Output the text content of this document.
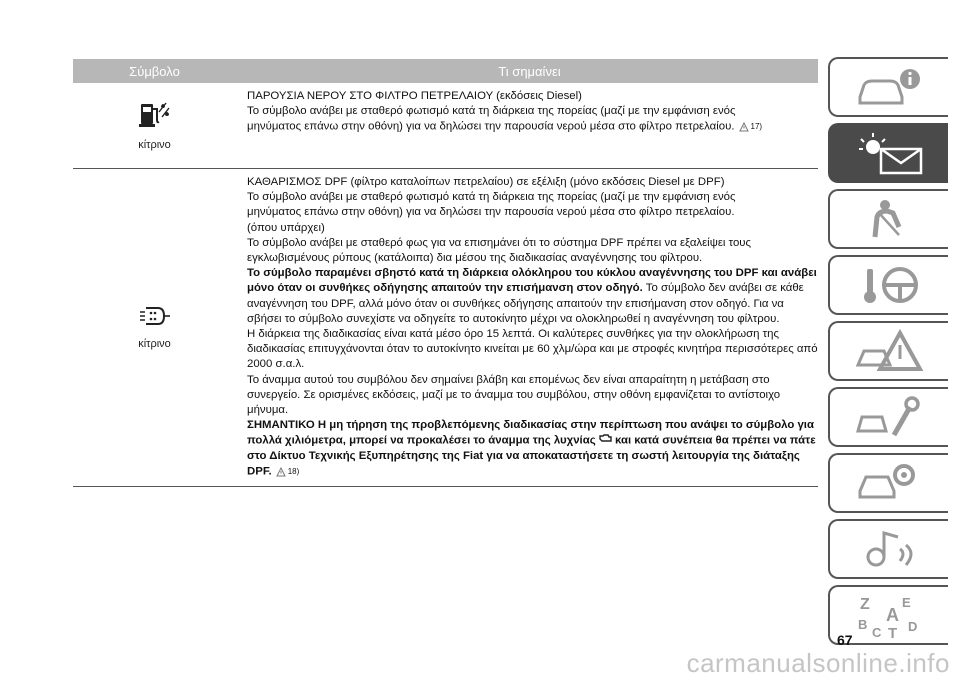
Σύμβολο	Τι σημαίνει
κίτρινο

ΠΑΡΟΥΣΙΑ ΝΕΡΟΥ ΣΤΟ ΦΙΛΤΡΟ ΠΕΤΡΕΛΑΙΟΥ (εκδόσεις Diesel)

Το σύμβολο ανάβει με σταθερό φωτισμό κατά τη διάρκεια της πορείας (μαζί με την εμφάνιση ενός

μηνύματος επάνω στην οθόνη) για να δηλώσει την παρουσία νερού μέσα στο φίλτρο πετρελαίου. 17)

κίτρινο

ΚΑΘΑΡΙΣΜΟΣ DPF (φίλτρο καταλοίπων πετρελαίου) σε εξέλιξη (μόνο εκδόσεις Diesel με DPF)

Το σύμβολο ανάβει με σταθερό φωτισμό κατά τη διάρκεια της πορείας (μαζί με την εμφάνιση ενός

μηνύματος επάνω στην οθόνη) για να δηλώσει την παρουσία νερού μέσα στο φίλτρο πετρελαίου.

(όπου υπάρχει)

Το σύμβολο ανάβει με σταθερό φως για να επισημάνει ότι το σύστημα DPF πρέπει να εξαλείψει τους

εγκλωβισμένους ρύπους (κατάλοιπα) δια μέσου της διαδικασίας αναγέννησης του φίλτρου.

Το σύμβολο παραμένει σβηστό κατά τη διάρκεια ολόκληρου του κύκλου αναγέννησης του DPF και ανάβει μόνο όταν οι συνθήκες οδήγησης απαιτούν την επισήμανση στον οδηγό. Το σύμβολο δεν ανάβει σε κάθε αναγέννηση του DPF, αλλά μόνο όταν οι συνθήκες οδήγησης απαιτούν την επισήμανση στον οδηγό. Για να σβήσει το σύμβολο συνεχίστε να οδηγείτε το αυτοκίνητο μέχρι να ολοκληρωθεί η αναγέννηση του φίλτρου.

Η διάρκεια της διαδικασίας είναι κατά μέσο όρο 15 λεπτά. Οι καλύτερες συνθήκες για την ολοκλήρωση της διαδικασίας επιτυγχάνονται όταν το αυτοκίνητο κινείται με 60 χλμ/ώρα και με στροφές κινητήρα περισσότερες από 2000 σ.α.λ.

Το άναμμα αυτού του συμβόλου δεν σημαίνει βλάβη και επομένως δεν είναι απαραίτητη η μετάβαση στο συνεργείο. Σε ορισμένες εκδόσεις, μαζί με το άναμμα του συμβόλου, στην οθόνη εμφανίζεται το αντίστοιχο μήνυμα.

ΣΗΜΑΝΤΙΚΟ Η μη τήρηση της προβλεπόμενης διαδικασίας στην περίπτωση που ανάψει το σύμβολο για πολλά χιλιόμετρα, μπορεί να προκαλέσει το άναμμα της λυχνίας και κατά συνέπεια θα πρέπει να πάτε στο Δίκτυο Τεχνικής Εξυπηρέτησης της Fiat για να αποκαταστήσετε τη σωστή λειτουργία της διάταξης DPF. 18)

Z E
A
B
C T D
67
carmanualsonline.info
